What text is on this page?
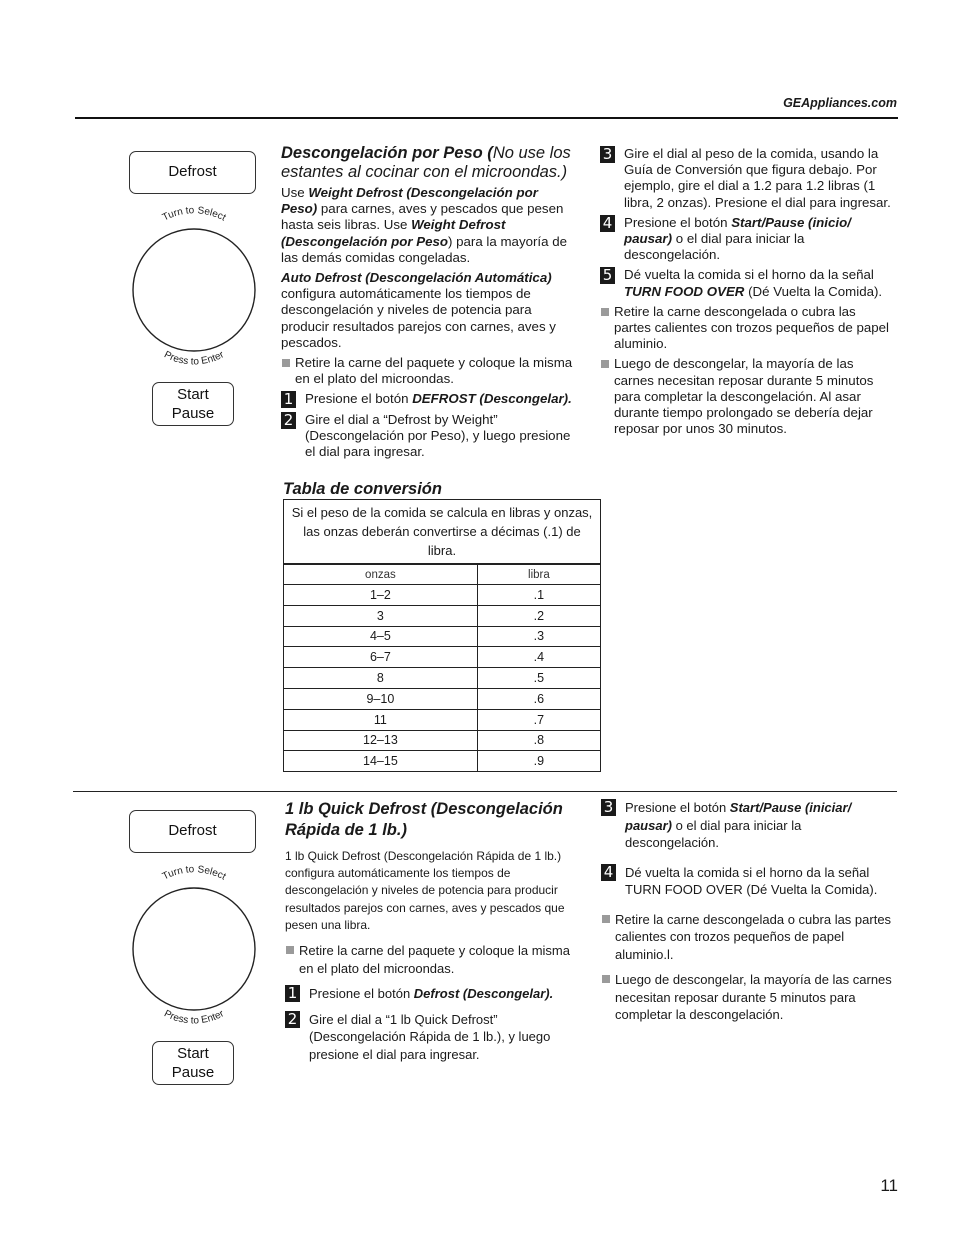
GEAppliances.com
11
Defrost
Turn to Select
Press to Enter
Start
Pause
Descongelación por Peso (No use los estantes al cocinar con el microondas.)

Use Weight Defrost (Descongelación por Peso) para carnes, aves y pescados que pesen hasta seis libras. Use Weight Defrost (Descongelación por Peso) para la mayoría de las demás comidas congeladas.

Auto Defrost (Descongelación Automática) configura automáticamente los tiempos de descongelación y niveles de potencia para producir resultados parejos con carnes, aves y pescados.

Retire la carne del paquete y coloque la misma en el plato del microondas.

1 Presione el botón DEFROST (Descongelar).

2 Gire el dial a “Defrost by Weight” (Descongelación por Peso), y luego presione el dial para ingresar.

3 Gire el dial al peso de la comida, usando la Guía de Conversión que figura debajo. Por ejemplo, gire el dial a 1.2 para 1.2 libras (1 libra, 2 onzas). Presione el dial para ingresar.

4 Presione el botón Start/Pause (inicio/ pausar) o el dial para iniciar la descongelación.

5 Dé vuelta la comida si el horno da la señal TURN FOOD OVER (Dé Vuelta la Comida).

Retire la carne descongelada o cubra las partes calientes con trozos pequeños de papel aluminio.

Luego de descongelar, la mayoría de las carnes necesitan reposar durante 5 minutos para completar la descongelación. Al asar durante tiempo prolongado se debería dejar reposar por unos 30 minutos.

Tabla de conversión
Si el peso de la comida se calcula en libras y onzas, las onzas deberán convertirse a décimas (.1) de libra.	
onzas	libra
1–2	.1
3	.2
4–5	.3
6–7	.4
8	.5
9–10	.6
11	.7
12–13	.8
14–15	.9
Defrost
Turn to Select
Press to Enter
Start
Pause
1 lb Quick Defrost (Descongelación Rápida de 1 lb.)

1 lb Quick Defrost (Descongelación Rápida de 1 lb.) configura automáticamente los tiempos de descongelación y niveles de potencia para producir resultados parejos con carnes, aves y pescados que pesen una libra.

Retire la carne del paquete y coloque la misma en el plato del microondas.

1 Presione el botón Defrost (Descongelar).

2 Gire el dial a “1 lb Quick Defrost” (Descongelación Rápida de 1 lb.), y luego presione el dial para ingresar.

3 Presione el botón Start/Pause (iniciar/ pausar) o el dial para iniciar la descongelación.

4 Dé vuelta la comida si el horno da la señal TURN FOOD OVER (Dé Vuelta la Comida).

Retire la carne descongelada o cubra las partes calientes con trozos pequeños de papel aluminio.l.

Luego de descongelar, la mayoría de las carnes necesitan reposar durante 5 minutos para completar la descongelación.
